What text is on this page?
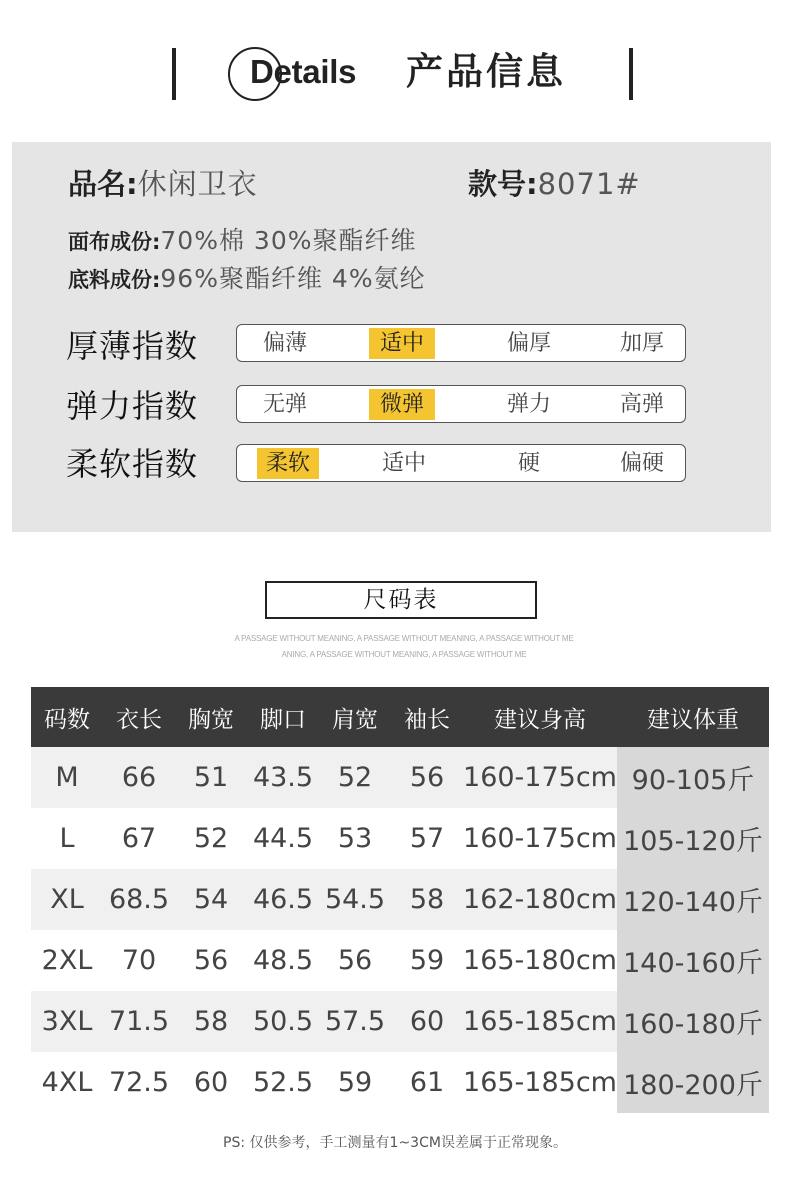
Details 产品信息
品名:休闲卫衣	款号:8071#
面布成份:70%棉 30%聚酯纤维
底料成份:96%聚酯纤维 4%氨纶
厚薄指数	偏薄	适中	偏厚	加厚
弹力指数	无弹	微弹	弹力	高弹
柔软指数	柔软	适中	硬	偏硬
尺码表
A PASSAGE WITHOUT MEANING, A PASSAGE WITHOUT MEANING, A PASSAGE WITHOUT ME
ANING, A PASSAGE WITHOUT MEANING, A PASSAGE WITHOUT ME
码数	衣长	胸宽	脚口	肩宽	袖长	建议身高	建议体重
M	66	51	43.5	52	56	160-175cm	90-105斤
L	67	52	44.5	53	57	160-175cm	105-120斤
XL	68.5	54	46.5	54.5	58	162-180cm	120-140斤
2XL	70	56	48.5	56	59	165-180cm	140-160斤
3XL	71.5	58	50.5	57.5	60	165-185cm	160-180斤
4XL	72.5	60	52.5	59	61	165-185cm	180-200斤
PS: 仅供参考，手工测量有1~3CM误差属于正常现象。
